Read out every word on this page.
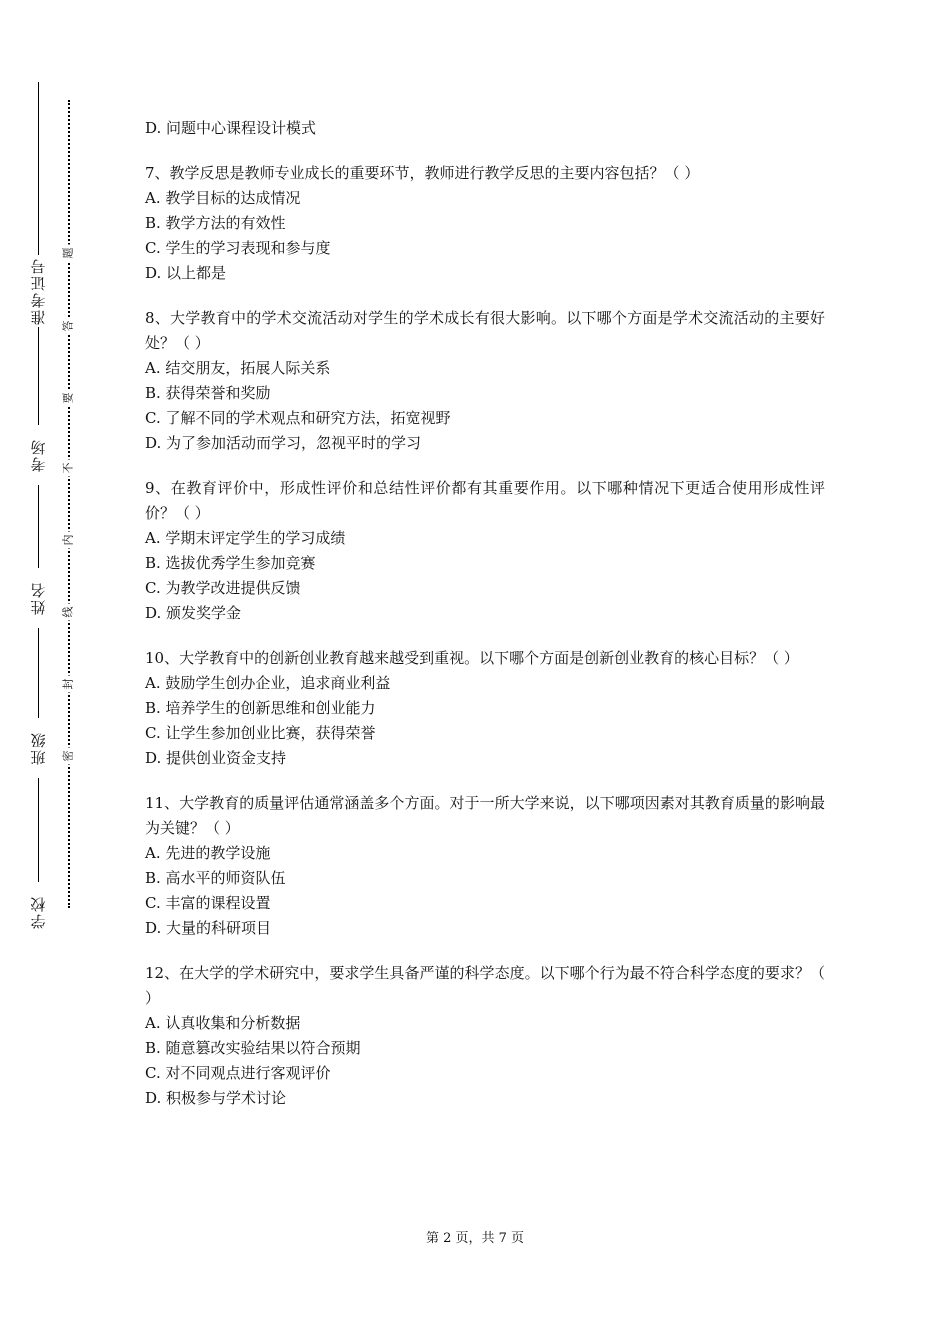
准考证号
考场
姓名
班级
学校
题
答
要
不
内
线
封
密

D. 问题中心课程设计模式

7、教学反思是教师专业成长的重要环节，教师进行教学反思的主要内容包括？（ ）

A. 教学目标的达成情况

B. 教学方法的有效性

C. 学生的学习表现和参与度

D. 以上都是

8、大学教育中的学术交流活动对学生的学术成长有很大影响。以下哪个方面是学术交流活动的主要好处？（ ）

A. 结交朋友，拓展人际关系

B. 获得荣誉和奖励

C. 了解不同的学术观点和研究方法，拓宽视野

D. 为了参加活动而学习，忽视平时的学习

9、在教育评价中，形成性评价和总结性评价都有其重要作用。以下哪种情况下更适合使用形成性评价？（ ）

A. 学期末评定学生的学习成绩

B. 选拔优秀学生参加竞赛

C. 为教学改进提供反馈

D. 颁发奖学金

10、大学教育中的创新创业教育越来越受到重视。以下哪个方面是创新创业教育的核心目标？（ ）

A. 鼓励学生创办企业，追求商业利益

B. 培养学生的创新思维和创业能力

C. 让学生参加创业比赛，获得荣誉

D. 提供创业资金支持

11、大学教育的质量评估通常涵盖多个方面。对于一所大学来说，以下哪项因素对其教育质量的影响最为关键？（ ）

A. 先进的教学设施

B. 高水平的师资队伍

C. 丰富的课程设置

D. 大量的科研项目

12、在大学的学术研究中，要求学生具备严谨的科学态度。以下哪个行为最不符合科学态度的要求？（ ）

A. 认真收集和分析数据

B. 随意篡改实验结果以符合预期

C. 对不同观点进行客观评价

D. 积极参与学术讨论

第 2 页，共 7 页
